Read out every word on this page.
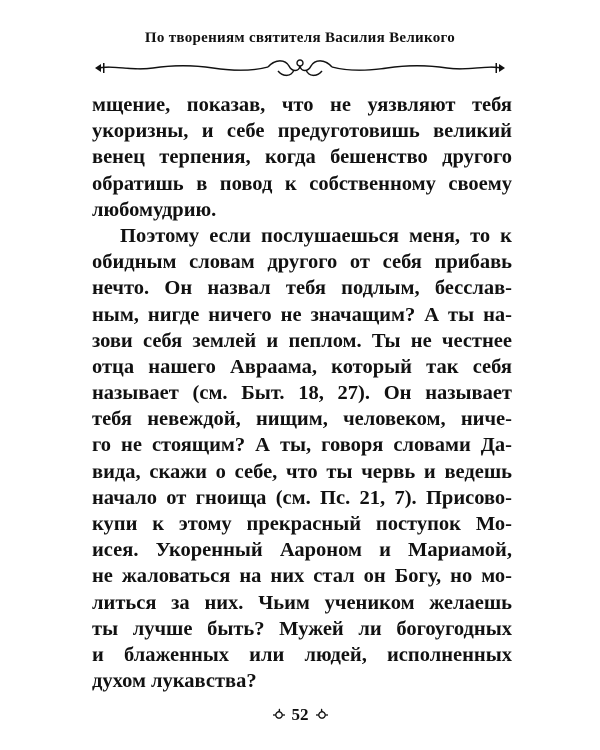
По творениям святителя Василия Великого
мщение, показав, что не уязвляют тебя
укоризны, и себе предуготовишь великий
венец терпения, когда бешенство другого
обратишь в повод к собственному своему
любомудрию.
Поэтому если послушаешься меня, то к
обидным словам другого от себя прибавь
нечто. Он назвал тебя подлым, бесслав-
ным, нигде ничего не значащим? А ты на-
зови себя землей и пеплом. Ты не честнее
отца нашего Авраама, который так себя
называет (см. Быт. 18, 27). Он называет
тебя невеждой, нищим, человеком, ниче-
го не стоящим? А ты, говоря словами Да-
вида, скажи о себе, что ты червь и ведешь
начало от гноища (см. Пс. 21, 7). Присово-
купи к этому прекрасный поступок Мо-
исея. Укоренный Аароном и Мариамой,
не жаловаться на них стал он Богу, но мо-
литься за них. Чьим учеником желаешь
ты лучше быть? Мужей ли богоугодных
и блаженных или людей, исполненных
духом лукавства?
52
